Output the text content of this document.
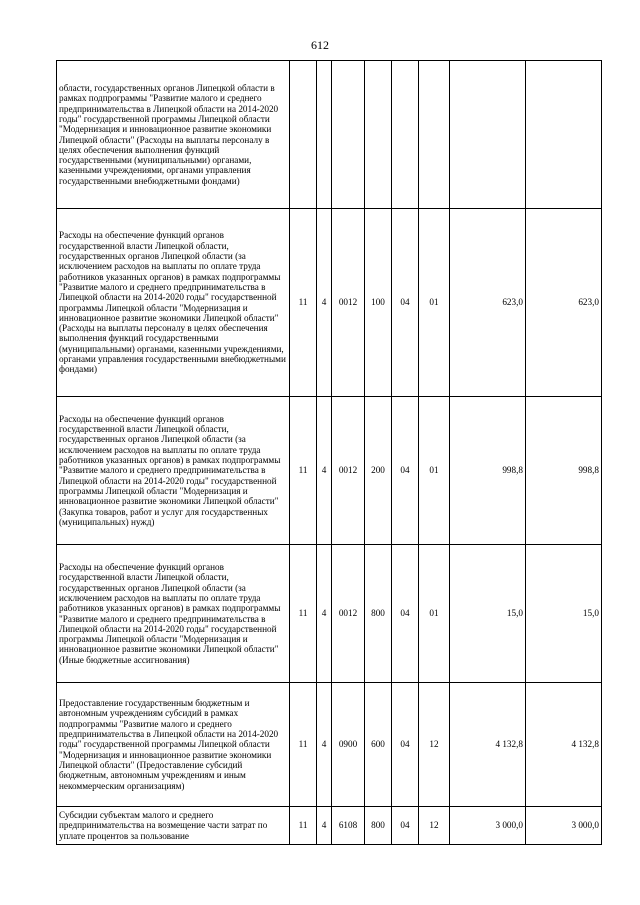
612
области, государственных органов Липецкой области в рамках подпрограммы "Развитие малого и среднего предпринимательства в Липецкой области на 2014-2020 годы" государственной программы Липецкой области "Модернизация и инновационное развитие экономики Липецкой области" (Расходы на выплаты персоналу в целях обеспечения выполнения функций государственными (муниципальными) органами, казенными учреждениями, органами управления государственными внебюджетными фондами)								
Расходы на обеспечение функций органов государственной власти Липецкой области, государственных органов Липецкой области (за исключением расходов на выплаты по оплате труда работников указанных органов) в рамках подпрограммы "Развитие малого и среднего предпринимательства в Липецкой области на 2014-2020 годы" государственной программы Липецкой области "Модернизация и инновационное развитие экономики Липецкой области" (Расходы на выплаты персоналу в целях обеспечения выполнения функций государственными (муниципальными) органами, казенными учреждениями, органами управления государственными внебюджетными фондами)	11	4	0012	100	04	01	623,0	623,0
Расходы на обеспечение функций органов государственной власти Липецкой области, государственных органов Липецкой области (за исключением расходов на выплаты по оплате труда работников указанных органов) в рамках подпрограммы "Развитие малого и среднего предпринимательства в Липецкой области на 2014-2020 годы" государственной программы Липецкой области "Модернизация и инновационное развитие экономики Липецкой области" (Закупка товаров, работ и услуг для государственных (муниципальных) нужд)	11	4	0012	200	04	01	998,8	998,8
Расходы на обеспечение функций органов государственной власти Липецкой области, государственных органов Липецкой области (за исключением расходов на выплаты по оплате труда работников указанных органов) в рамках подпрограммы "Развитие малого и среднего предпринимательства в Липецкой области на 2014-2020 годы" государственной программы Липецкой области "Модернизация и инновационное развитие экономики Липецкой области" (Иные бюджетные ассигнования)	11	4	0012	800	04	01	15,0	15,0
Предоставление государственным бюджетным и автономным учреждениям субсидий в рамках подпрограммы "Развитие малого и среднего предпринимательства в Липецкой области на 2014-2020 годы" государственной программы Липецкой области "Модернизация и инновационное развитие экономики Липецкой области" (Предоставление субсидий бюджетным, автономным учреждениям и иным некоммерческим организациям)	11	4	0900	600	04	12	4 132,8	4 132,8
Субсидии субъектам малого и среднего предпринимательства на возмещение части затрат по уплате процентов за пользование	11	4	6108	800	04	12	3 000,0	3 000,0
